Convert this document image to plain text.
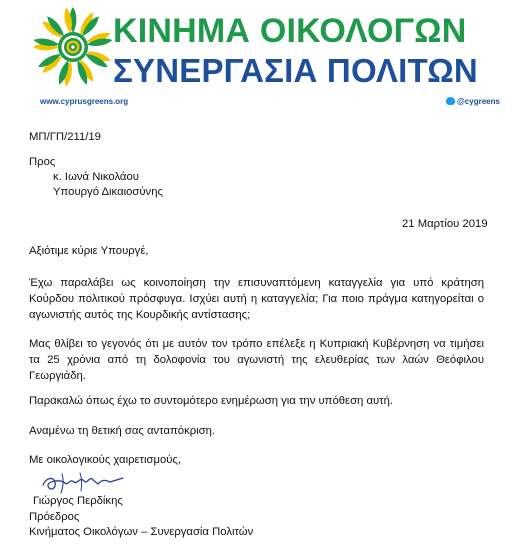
ΚΙΝΗΜΑ ΟΙΚΟΛΟΓΩΝ
ΣΥΝΕΡΓΑΣΙΑ ΠΟΛΙΤΩΝ
www.cyprusgreens.org	@cygreens
ΜΠ/ΓΠ/211/19
Προς
κ. Ιωνά Νικολάου
Υπουργό Δικαιοσύνης
21 Μαρτίου 2019
Αξιότιμε κύριε Υπουργέ,
Έχω παραλάβει ως κοινοποίηση την επισυναπτόμενη καταγγελία για υπό κράτηση Κούρδου πολιτικού πρόσφυγα. Ισχύει αυτή η καταγγελία; Για ποιο πράγμα κατηγορείται ο αγωνιστής αυτός της Κουρδικής αντίστασης;
Μας θλίβει το γεγονός ότι με αυτόν τον τρόπο επέλεξε η Κυπριακή Κυβέρνηση να τιμήσει τα 25 χρόνια από τη δολοφονία του αγωνιστή της ελευθερίας των λαών Θεόφιλου Γεωργιάδη.
Παρακαλώ όπως έχω το συντομότερο ενημέρωση για την υπόθεση αυτή.
Αναμένω τη θετική σας ανταπόκριση.
Με οικολογικούς χαιρετισμούς,
Γιώργος Περδίκης
Πρόεδρος
Κινήματος Οικολόγων – Συνεργασία Πολιτών
